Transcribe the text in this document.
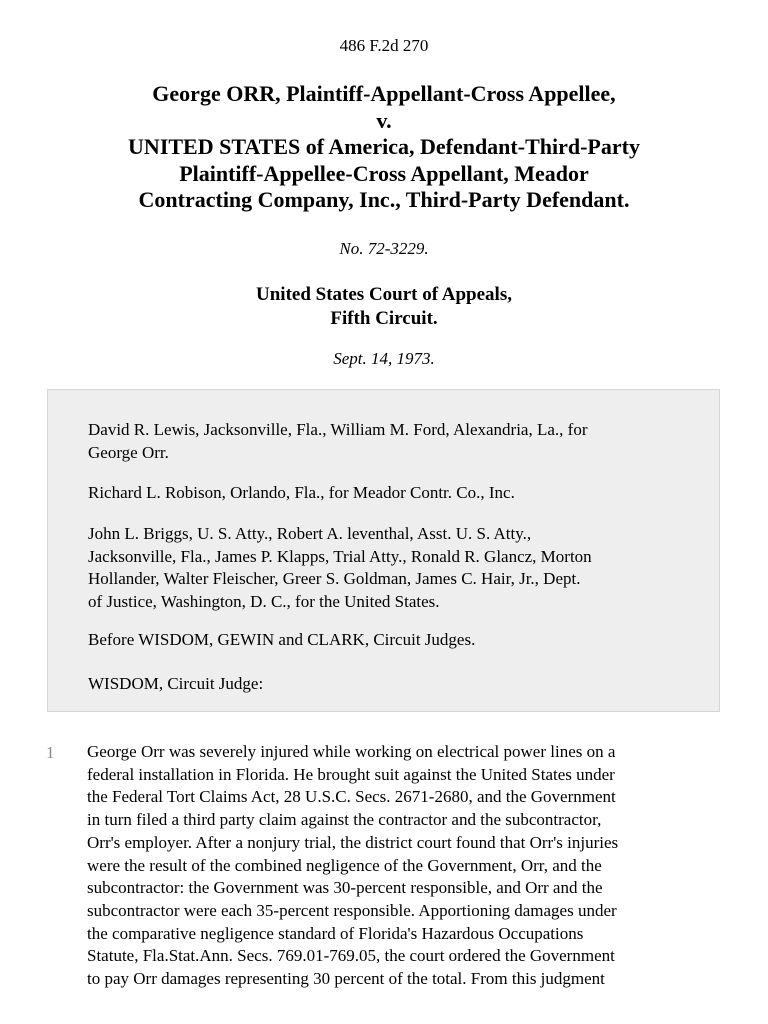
486 F.2d 270
George ORR, Plaintiff-Appellant-Cross Appellee,
v.
UNITED STATES of America, Defendant-Third-Party
Plaintiff-Appellee-Cross Appellant, Meador
Contracting Company, Inc., Third-Party Defendant.
No. 72-3229.
United States Court of Appeals,
Fifth Circuit.
Sept. 14, 1973.

David R. Lewis, Jacksonville, Fla., William M. Ford, Alexandria, La., for
George Orr.

Richard L. Robison, Orlando, Fla., for Meador Contr. Co., Inc.

John L. Briggs, U. S. Atty., Robert A. leventhal, Asst. U. S. Atty.,
Jacksonville, Fla., James P. Klapps, Trial Atty., Ronald R. Glancz, Morton
Hollander, Walter Fleischer, Greer S. Goldman, James C. Hair, Jr., Dept.
of Justice, Washington, D. C., for the United States.

Before WISDOM, GEWIN and CLARK, Circuit Judges.

WISDOM, Circuit Judge:

1 George Orr was severely injured while working on electrical power lines on a
federal installation in Florida. He brought suit against the United States under
the Federal Tort Claims Act, 28 U.S.C. Secs. 2671-2680, and the Government
in turn filed a third party claim against the contractor and the subcontractor,
Orr's employer. After a nonjury trial, the district court found that Orr's injuries
were the result of the combined negligence of the Government, Orr, and the
subcontractor: the Government was 30-percent responsible, and Orr and the
subcontractor were each 35-percent responsible. Apportioning damages under
the comparative negligence standard of Florida's Hazardous Occupations
Statute, Fla.Stat.Ann. Secs. 769.01-769.05, the court ordered the Government
to pay Orr damages representing 30 percent of the total. From this judgment
